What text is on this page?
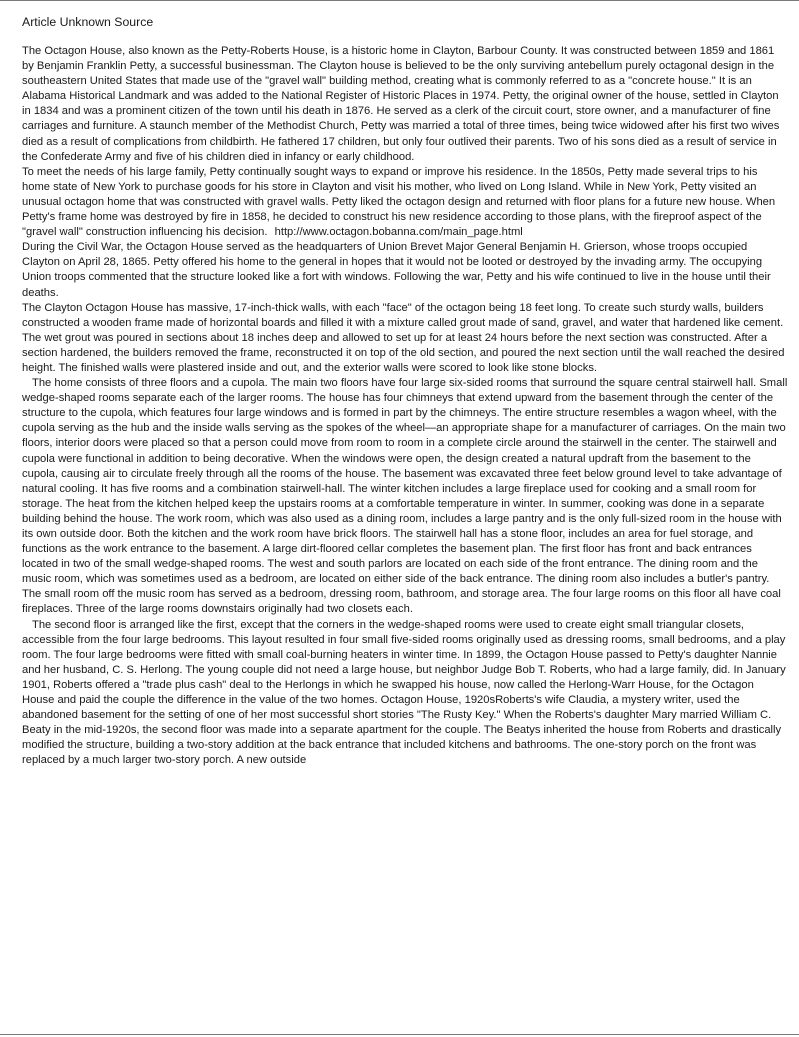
Article Unknown Source

The Octagon House, also known as the Petty-Roberts House, is a historic home in Clayton, Barbour County. It was constructed between 1859 and 1861 by Benjamin Franklin Petty, a successful businessman. The Clayton house is believed to be the only surviving antebellum purely octagonal design in the southeastern United States that made use of the "gravel wall" building method, creating what is commonly referred to as a "concrete house." It is an Alabama Historical Landmark and was added to the National Register of Historic Places in 1974. Petty, the original owner of the house, settled in Clayton in 1834 and was a prominent citizen of the town until his death in 1876. He served as a clerk of the circuit court, store owner, and a manufacturer of fine carriages and furniture. A staunch member of the Methodist Church, Petty was married a total of three times, being twice widowed after his first two wives died as a result of complications from childbirth. He fathered 17 children, but only four outlived their parents. Two of his sons died as a result of service in the Confederate Army and five of his children died in infancy or early childhood.

To meet the needs of his large family, Petty continually sought ways to expand or improve his residence. In the 1850s, Petty made several trips to his home state of New York to purchase goods for his store in Clayton and visit his mother, who lived on Long Island. While in New York, Petty visited an unusual octagon home that was constructed with gravel walls. Petty liked the octagon design and returned with floor plans for a future new house. When Petty's frame home was destroyed by fire in 1858, he decided to construct his new residence according to those plans, with the fireproof aspect of the "gravel wall" construction influencing his decision. http://www.octagon.bobanna.com/main_page.html

During the Civil War, the Octagon House served as the headquarters of Union Brevet Major General Benjamin H. Grierson, whose troops occupied Clayton on April 28, 1865. Petty offered his home to the general in hopes that it would not be looted or destroyed by the invading army. The occupying Union troops commented that the structure looked like a fort with windows. Following the war, Petty and his wife continued to live in the house until their deaths.

The Clayton Octagon House has massive, 17-inch-thick walls, with each "face" of the octagon being 18 feet long. To create such sturdy walls, builders constructed a wooden frame made of horizontal boards and filled it with a mixture called grout made of sand, gravel, and water that hardened like cement. The wet grout was poured in sections about 18 inches deep and allowed to set up for at least 24 hours before the next section was constructed. After a section hardened, the builders removed the frame, reconstructed it on top of the old section, and poured the next section until the wall reached the desired height. The finished walls were plastered inside and out, and the exterior walls were scored to look like stone blocks.

The home consists of three floors and a cupola. The main two floors have four large six-sided rooms that surround the square central stairwell hall. Small wedge-shaped rooms separate each of the larger rooms. The house has four chimneys that extend upward from the basement through the center of the structure to the cupola, which features four large windows and is formed in part by the chimneys. The entire structure resembles a wagon wheel, with the cupola serving as the hub and the inside walls serving as the spokes of the wheel—an appropriate shape for a manufacturer of carriages. On the main two floors, interior doors were placed so that a person could move from room to room in a complete circle around the stairwell in the center. The stairwell and cupola were functional in addition to being decorative. When the windows were open, the design created a natural updraft from the basement to the cupola, causing air to circulate freely through all the rooms of the house. The basement was excavated three feet below ground level to take advantage of natural cooling. It has five rooms and a combination stairwell-hall. The winter kitchen includes a large fireplace used for cooking and a small room for storage. The heat from the kitchen helped keep the upstairs rooms at a comfortable temperature in winter. In summer, cooking was done in a separate building behind the house. The work room, which was also used as a dining room, includes a large pantry and is the only full-sized room in the house with its own outside door. Both the kitchen and the work room have brick floors. The stairwell hall has a stone floor, includes an area for fuel storage, and functions as the work entrance to the basement. A large dirt-floored cellar completes the basement plan. The first floor has front and back entrances located in two of the small wedge-shaped rooms. The west and south parlors are located on each side of the front entrance. The dining room and the music room, which was sometimes used as a bedroom, are located on either side of the back entrance. The dining room also includes a butler's pantry. The small room off the music room has served as a bedroom, dressing room, bathroom, and storage area. The four large rooms on this floor all have coal fireplaces. Three of the large rooms downstairs originally had two closets each.

The second floor is arranged like the first, except that the corners in the wedge-shaped rooms were used to create eight small triangular closets, accessible from the four large bedrooms. This layout resulted in four small five-sided rooms originally used as dressing rooms, small bedrooms, and a play room. The four large bedrooms were fitted with small coal-burning heaters in winter time. In 1899, the Octagon House passed to Petty's daughter Nannie and her husband, C. S. Herlong. The young couple did not need a large house, but neighbor Judge Bob T. Roberts, who had a large family, did. In January 1901, Roberts offered a "trade plus cash" deal to the Herlongs in which he swapped his house, now called the Herlong-Warr House, for the Octagon House and paid the couple the difference in the value of the two homes. Octagon House, 1920sRoberts's wife Claudia, a mystery writer, used the abandoned basement for the setting of one of her most successful short stories "The Rusty Key." When the Roberts's daughter Mary married William C. Beaty in the mid-1920s, the second floor was made into a separate apartment for the couple. The Beatys inherited the house from Roberts and drastically modified the structure, building a two-story addition at the back entrance that included kitchens and bathrooms. The one-story porch on the front was replaced by a much larger two-story porch. A new outside
